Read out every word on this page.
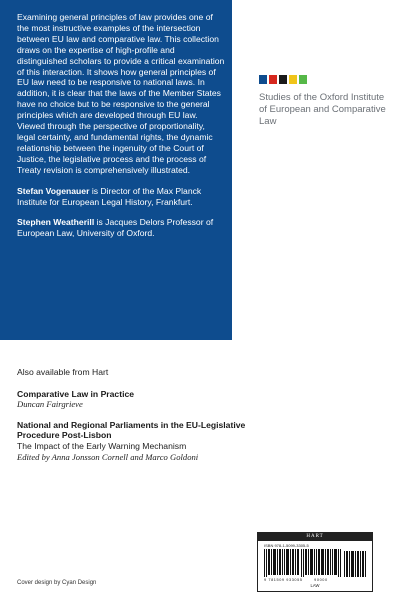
Examining general principles of law provides one of the most instructive examples of the intersection between EU law and comparative law. This collection draws on the expertise of high-profile and distinguished scholars to provide a critical examination of this interaction. It shows how general principles of EU law need to be responsive to national laws. In addition, it is clear that the laws of the Member States have no choice but to be responsive to the general principles which are developed through EU law. Viewed through the perspective of proportionality, legal certainty, and fundamental rights, the dynamic relationship between the ingenuity of the Court of Justice, the legislative process and the process of Treaty revision is comprehensively illustrated.

Stefan Vogenauer is Director of the Max Planck Institute for European Legal History, Frankfurt.

Stephen Weatherill is Jacques Delors Professor of European Law, University of Oxford.

Studies of the Oxford Institute of European and Comparative Law
Also available from Hart
Comparative Law in Practice
Duncan Fairgrieve
National and Regional Parliaments in the EU-Legislative Procedure Post-Lisbon
The Impact of the Early Warning Mechanism
Edited by Anna Jonsson Cornell and Marco Goldoni
Cover design by Cyan Design
HART
ISBN 978-1-5099-3305-5
9 781509 933055	90000
LAW
